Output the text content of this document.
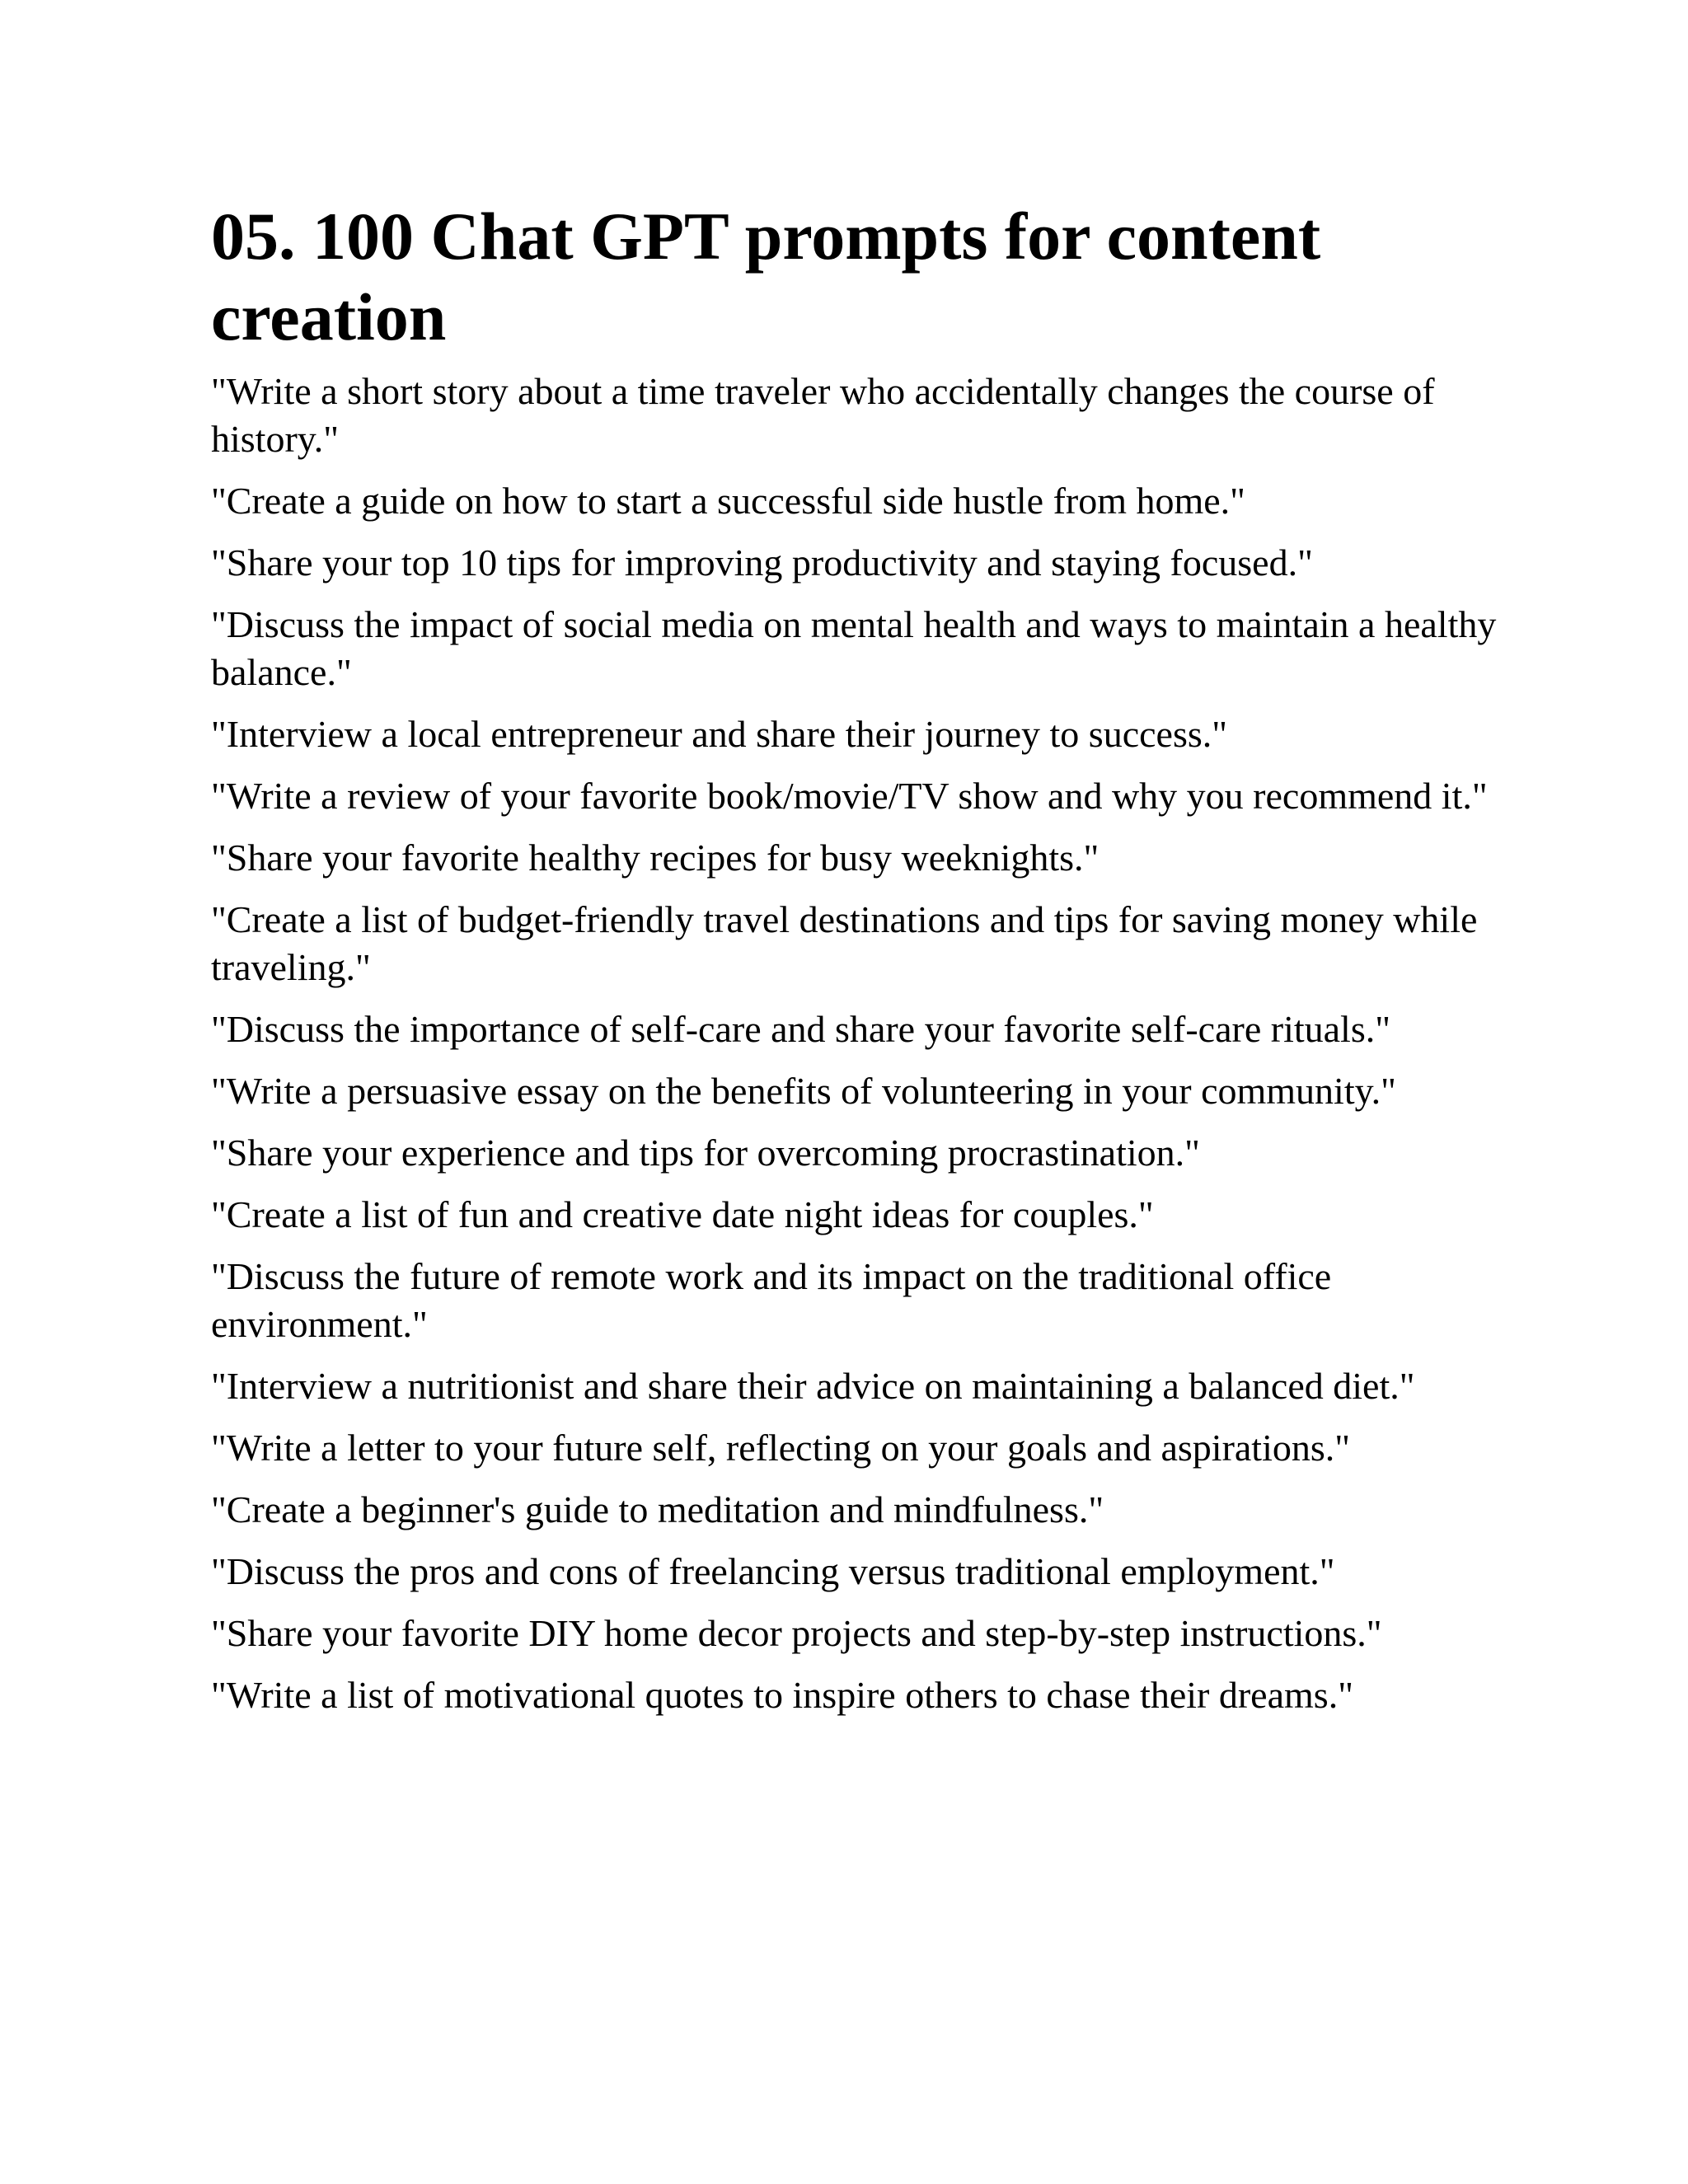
05. 100 Chat GPT prompts for content creation
"Write a short story about a time traveler who accidentally changes the course of history."
"Create a guide on how to start a successful side hustle from home."
"Share your top 10 tips for improving productivity and staying focused."
"Discuss the impact of social media on mental health and ways to maintain a healthy balance."
"Interview a local entrepreneur and share their journey to success."
"Write a review of your favorite book/movie/TV show and why you recommend it."
"Share your favorite healthy recipes for busy weeknights."
"Create a list of budget-friendly travel destinations and tips for saving money while traveling."
"Discuss the importance of self-care and share your favorite self-care rituals."
"Write a persuasive essay on the benefits of volunteering in your community."
"Share your experience and tips for overcoming procrastination."
"Create a list of fun and creative date night ideas for couples."
"Discuss the future of remote work and its impact on the traditional office environment."
"Interview a nutritionist and share their advice on maintaining a balanced diet."
"Write a letter to your future self, reflecting on your goals and aspirations."
"Create a beginner's guide to meditation and mindfulness."
"Discuss the pros and cons of freelancing versus traditional employment."
"Share your favorite DIY home decor projects and step-by-step instructions."
"Write a list of motivational quotes to inspire others to chase their dreams."
